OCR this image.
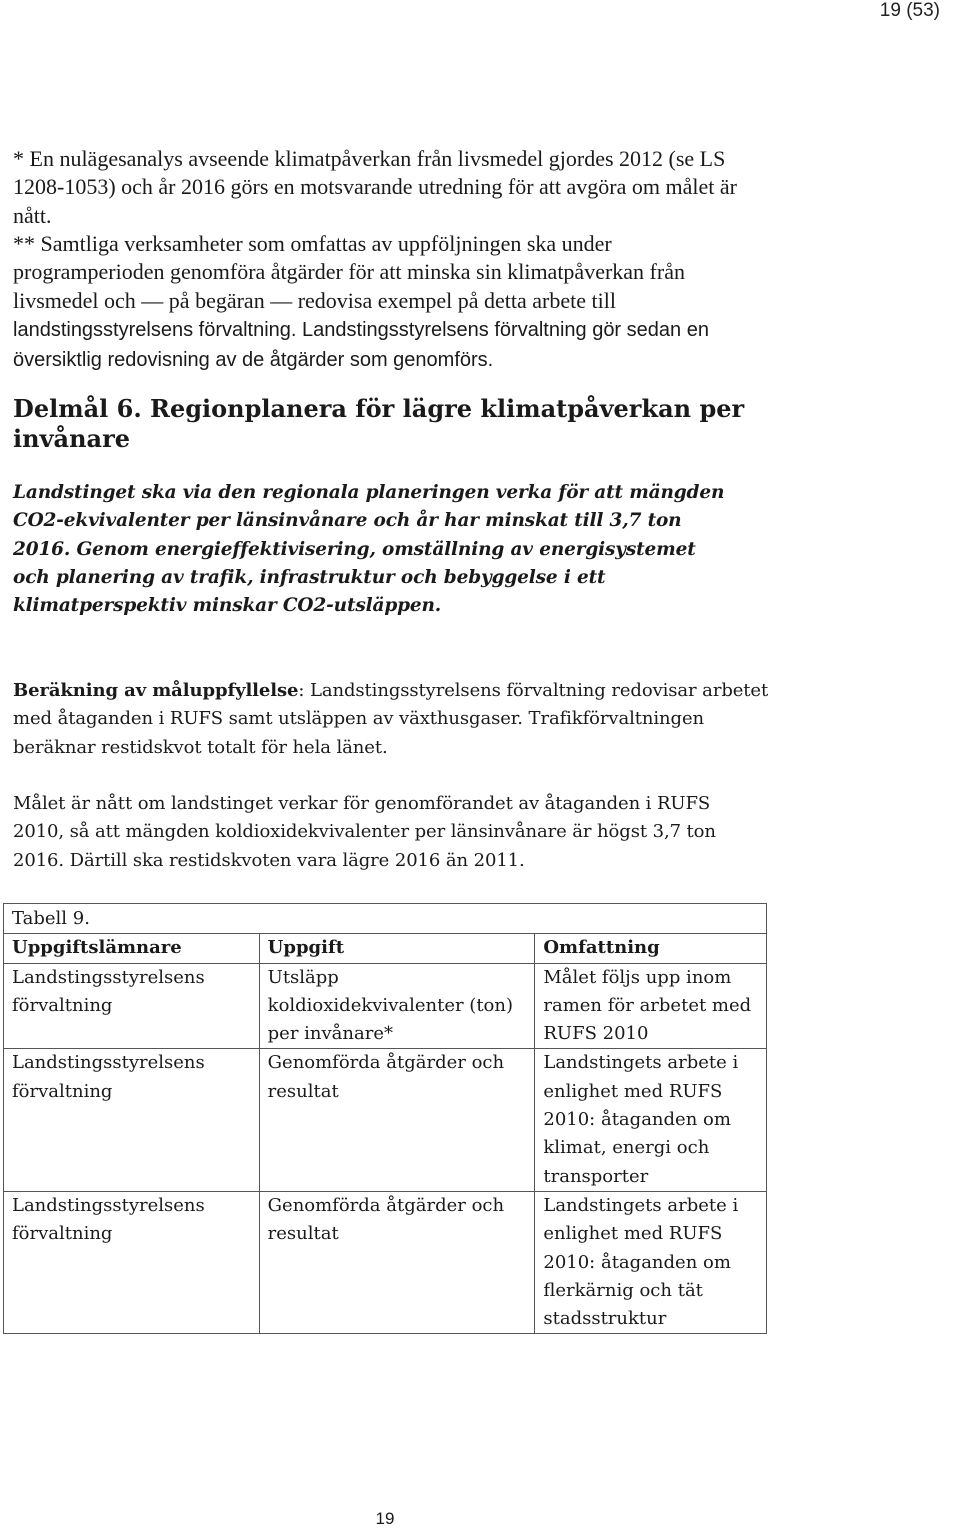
19 (53)

* En nulägesanalys avseende klimatpåverkan från livsmedel gjordes 2012 (se LS 1208-1053) och år 2016 görs en motsvarande utredning för att avgöra om målet är nått.

** Samtliga verksamheter som omfattas av uppföljningen ska under programperioden genomföra åtgärder för att minska sin klimatpåverkan från livsmedel och — på begäran — redovisa exempel på detta arbete till landstingsstyrelsens förvaltning. Landstingsstyrelsens förvaltning gör sedan en översiktlig redovisning av de åtgärder som genomförs.

Delmål 6. Regionplanera för lägre klimatpåverkan per invånare

Landstinget ska via den regionala planeringen verka för att mängden CO2-ekvivalenter per länsinvånare och år har minskat till 3,7 ton 2016. Genom energieffektivisering, omställning av energisystemet och planering av trafik, infrastruktur och bebyggelse i ett klimatperspektiv minskar CO2-utsläppen.

Beräkning av måluppfyllelse: Landstingsstyrelsens förvaltning redovisar arbetet med åtaganden i RUFS samt utsläppen av växthusgaser. Trafikförvaltningen beräknar restidskvot totalt för hela länet.

Målet är nått om landstinget verkar för genomförandet av åtaganden i RUFS 2010, så att mängden koldioxidekvivalenter per länsinvånare är högst 3,7 ton 2016. Därtill ska restidskvoten vara lägre 2016 än 2011.

Tabell 9.		
Uppgiftslämnare	Uppgift	Omfattning
Landstingsstyrelsens förvaltning	Utsläpp koldioxidekvivalenter (ton) per invånare*	Målet följs upp inom ramen för arbetet med RUFS 2010
Landstingsstyrelsens förvaltning	Genomförda åtgärder och resultat	Landstingets arbete i enlighet med RUFS 2010: åtaganden om klimat, energi och transporter
Landstingsstyrelsens förvaltning	Genomförda åtgärder och resultat	Landstingets arbete i enlighet med RUFS 2010: åtaganden om flerkärnig och tät stadsstruktur
19
